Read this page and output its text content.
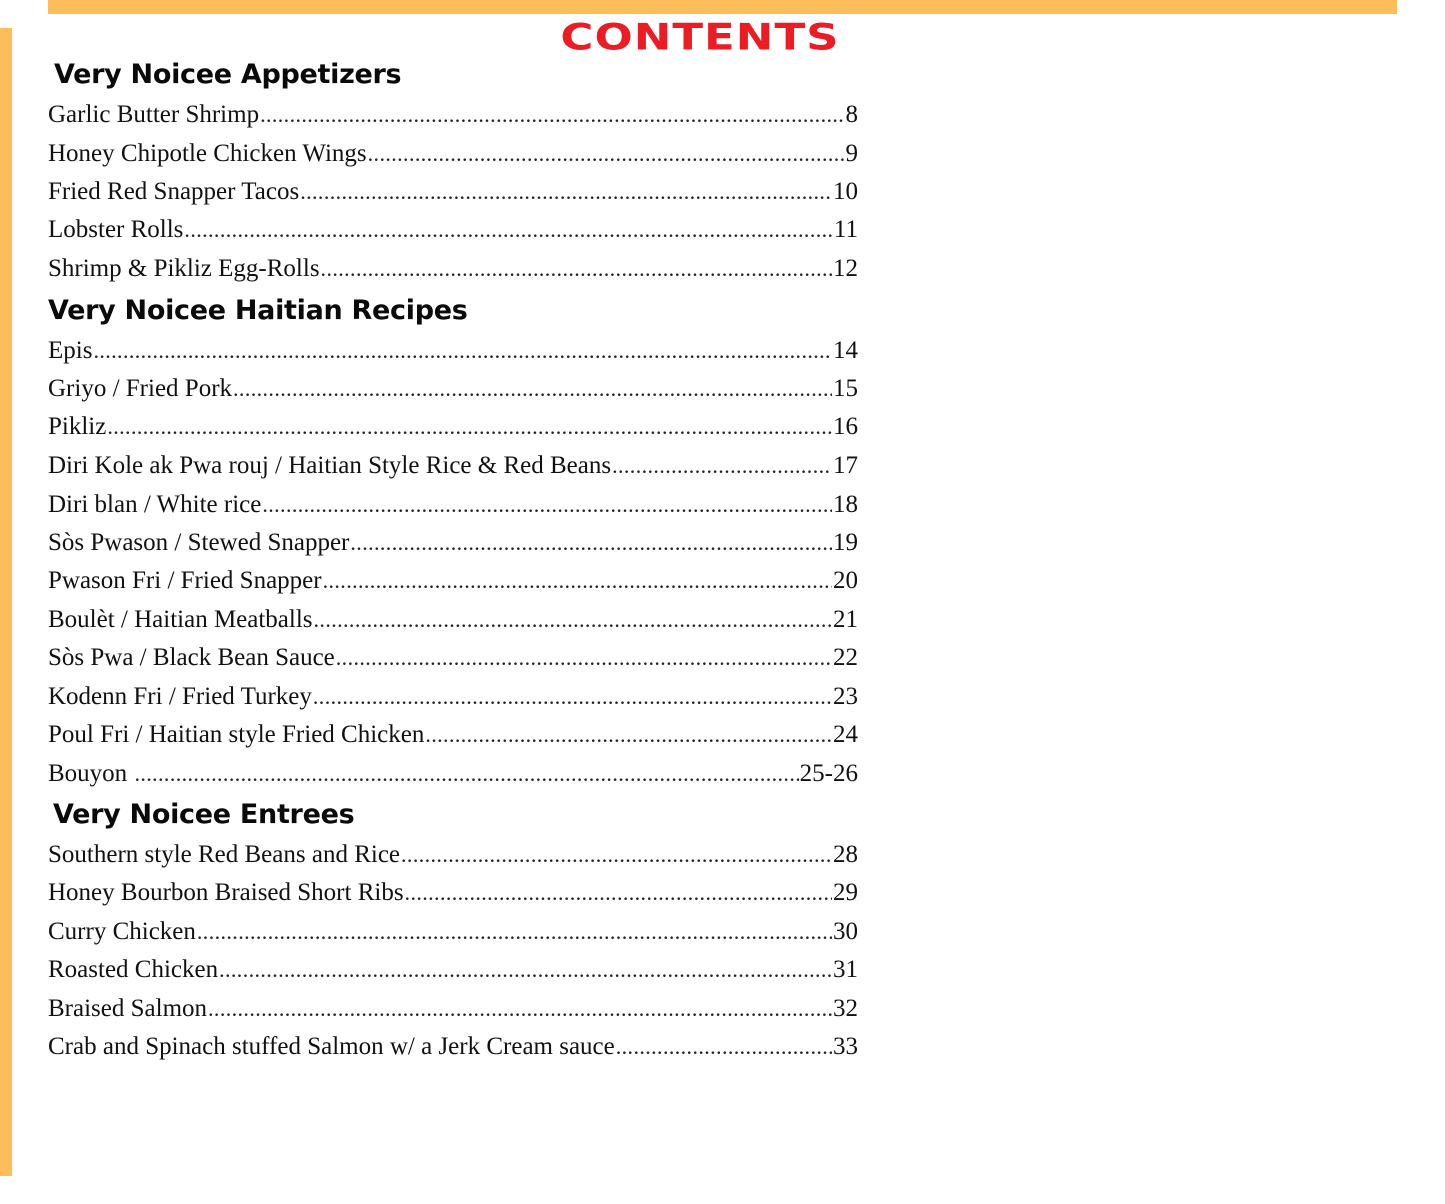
CONTENTS
Very Noicee Appetizers
Garlic Butter Shrimp .....	8
Honey Chipotle Chicken Wings .....	9
Fried Red Snapper Tacos .....	10
Lobster Rolls .....	11
Shrimp & Pikliz Egg-Rolls .....	12
Very Noicee Haitian Recipes
Epis .....	14
Griyo / Fried Pork .....	15
Pikliz .....	16
Diri Kole ak Pwa rouj / Haitian Style Rice & Red Beans .....	17
Diri blan / White rice .....	18
Sòs Pwason / Stewed Snapper .....	19
Pwason Fri / Fried Snapper .....	20
Boulèt / Haitian Meatballs .....	21
Sòs Pwa / Black Bean Sauce .....	22
Kodenn Fri / Fried Turkey .....	23
Poul Fri / Haitian style Fried Chicken .....	24
Bouyon .....	25-26
Very Noicee Entrees
Southern style Red Beans and Rice .....	28
Honey Bourbon Braised Short Ribs .....	29
Curry Chicken .....	30
Roasted Chicken .....	31
Braised Salmon .....	32
Crab and Spinach stuffed Salmon w/ a Jerk Cream sauce .....	33
